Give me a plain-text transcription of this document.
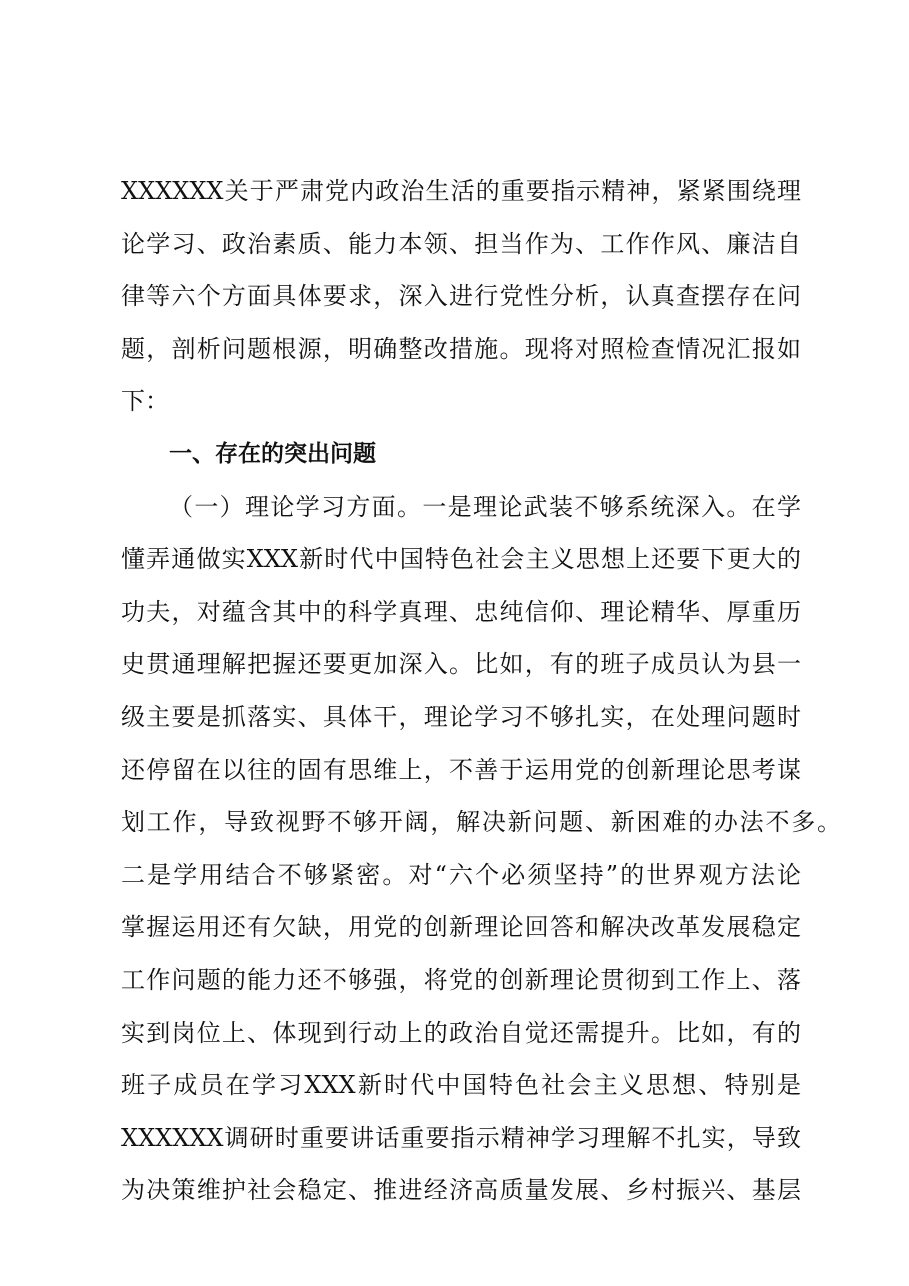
XXXXXX关于严肃党内政治生活的重要指示精神，紧紧围绕理
论学习、政治素质、能力本领、担当作为、工作作风、廉洁自
律等六个方面具体要求，深入进行党性分析，认真查摆存在问
题，剖析问题根源，明确整改措施。现将对照检查情况汇报如
下：
一、存在的突出问题
（一）理论学习方面。一是理论武装不够系统深入。在学
懂弄通做实XXX新时代中国特色社会主义思想上还要下更大的
功夫，对蕴含其中的科学真理、忠纯信仰、理论精华、厚重历
史贯通理解把握还要更加深入。比如，有的班子成员认为县一
级主要是抓落实、具体干，理论学习不够扎实，在处理问题时
还停留在以往的固有思维上，不善于运用党的创新理论思考谋
划工作，导致视野不够开阔，解决新问题、新困难的办法不多。
二是学用结合不够紧密。对“六个必须坚持”的世界观方法论
掌握运用还有欠缺，用党的创新理论回答和解决改革发展稳定
工作问题的能力还不够强，将党的创新理论贯彻到工作上、落
实到岗位上、体现到行动上的政治自觉还需提升。比如，有的
班子成员在学习XXX新时代中国特色社会主义思想、特别是
XXXXXX调研时重要讲话重要指示精神学习理解不扎实，导致
为决策维护社会稳定、推进经济高质量发展、乡村振兴、基层
